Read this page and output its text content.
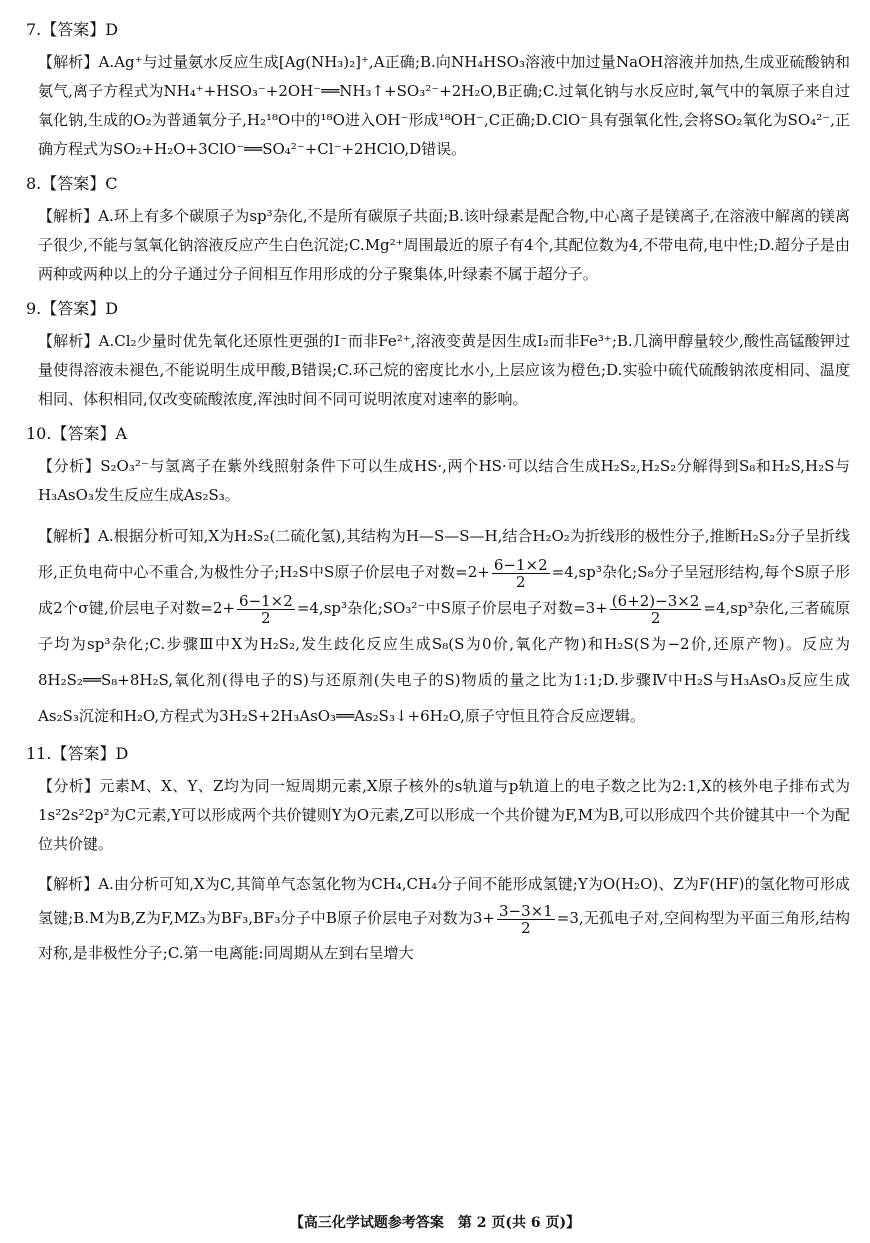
7.【答案】D
【解析】A.Ag⁺与过量氨水反应生成[Ag(NH₃)₂]⁺,A正确;B.向NH₄HSO₃溶液中加过量NaOH溶液并加热,生成亚硫酸钠和氨气,离子方程式为NH₄⁺+HSO₃⁻+2OH⁻══NH₃↑+SO₃²⁻+2H₂O,B正确;C.过氧化钠与水反应时,氧气中的氧原子来自过氧化钠,生成的O₂为普通氧分子,H₂¹⁸O中的¹⁸O进入OH⁻形成¹⁸OH⁻,C正确;D.ClO⁻具有强氧化性,会将SO₂氧化为SO₄²⁻,正确方程式为SO₂+H₂O+3ClO⁻══SO₄²⁻+Cl⁻+2HClO,D错误。
8.【答案】C
【解析】A.环上有多个碳原子为sp³杂化,不是所有碳原子共面;B.该叶绿素是配合物,中心离子是镁离子,在溶液中解离的镁离子很少,不能与氢氧化钠溶液反应产生白色沉淀;C.Mg²⁺周围最近的原子有4个,其配位数为4,不带电荷,电中性;D.超分子是由两种或两种以上的分子通过分子间相互作用形成的分子聚集体,叶绿素不属于超分子。
9.【答案】D
【解析】A.Cl₂少量时优先氧化还原性更强的I⁻而非Fe²⁺,溶液变黄是因生成I₂而非Fe³⁺;B.几滴甲醇量较少,酸性高锰酸钾过量使得溶液未褪色,不能说明生成甲酸,B错误;C.环己烷的密度比水小,上层应该为橙色;D.实验中硫代硫酸钠浓度相同、温度相同、体积相同,仅改变硫酸浓度,浑浊时间不同可说明浓度对速率的影响。
10.【答案】A
【分析】S₂O₃²⁻与氢离子在紫外线照射条件下可以生成HS·,两个HS·可以结合生成H₂S₂,H₂S₂分解得到S₈和H₂S,H₂S与H₃AsO₃发生反应生成As₂S₃。
【解析】A.根据分析可知,X为H₂S₂(二硫化氢),其结构为H—S—S—H,结合H₂O₂为折线形的极性分子,推断H₂S₂分子呈折线形,正负电荷中心不重合,为极性分子;H₂S中S原子价层电子对数$=2+ \frac{6-1\times 2}{2} =4,sp^3$杂化;S₈分子呈冠形结构,每个S原子形成2个σ键,价层电子对数$=2+ \frac{6-1\times 2}{2} =4,sp^3$杂化;SO₃²⁻中S原子价层电子对数$=3+ \frac{(6+2)-3\times 2}{2} =4,sp^3$杂化,三者硫原子均为sp³杂化;C.步骤Ⅲ中X为H₂S₂,发生歧化反应生成S₈(S为0价,氧化产物)和H₂S(S为−2价,还原产物)。反应为8H₂S₂══S₈+8H₂S,氧化剂(得电子的S)与还原剂(失电子的S)物质的量之比为1:1;D.步骤Ⅳ中H₂S与H₃AsO₃反应生成As₂S₃沉淀和H₂O,方程式为3H₂S+2H₃AsO₃══As₂S₃↓+6H₂O,原子守恒且符合反应逻辑。
11.【答案】D
【分析】元素M、X、Y、Z均为同一短周期元素,X原子核外的s轨道与p轨道上的电子数之比为2:1,X的核外电子排布式为1s²2s²2p²为C元素,Y可以形成两个共价键则Y为O元素,Z可以形成一个共价键为F,M为B,可以形成四个共价键其中一个为配位共价键。
【解析】A.由分析可知,X为C,其简单气态氢化物为CH₄,CH₄分子间不能形成氢键;Y为O(H₂O)、Z为F(HF)的氢化物可形成氢键;B.M为B,Z为F,MZ₃为BF₃,BF₃分子中B原子价层电子对数为$3+ \frac{3-3\times 1}{2} =3$,无孤电子对,空间构型为平面三角形,结构对称,是非极性分子;C.第一电离能:同周期从左到右呈增大
【高三化学试题参考答案　第 2 页(共 6 页)】
